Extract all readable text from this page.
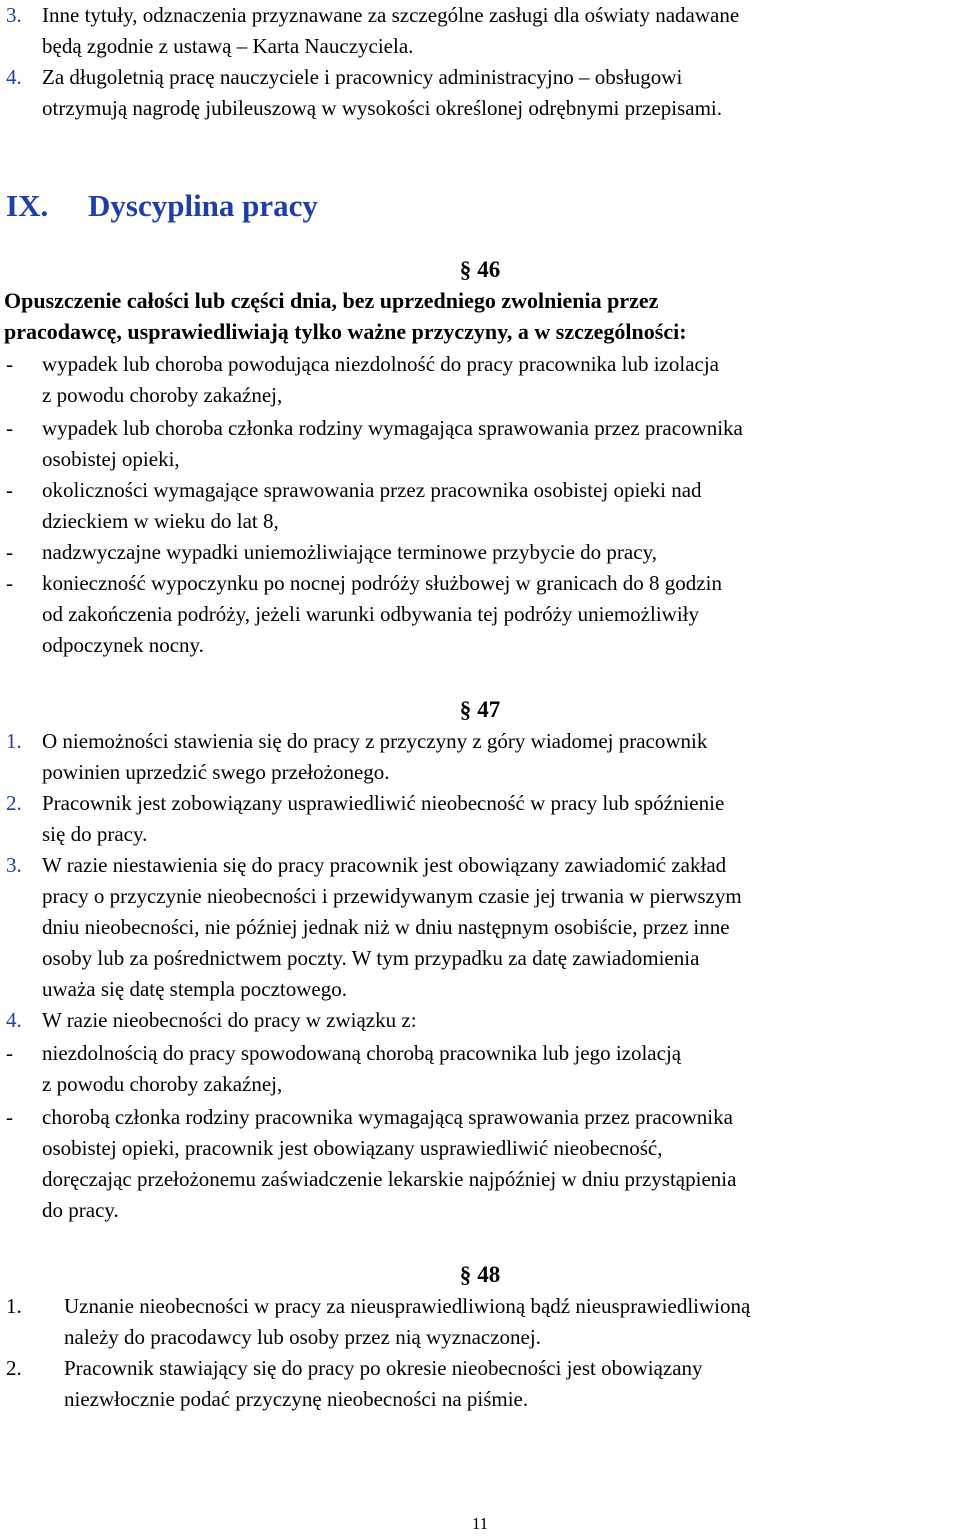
3. Inne tytuły, odznaczenia przyznawane za szczególne zasługi dla oświaty nadawane
będą zgodnie z ustawą – Karta Nauczyciela.
4. Za długoletnią pracę nauczyciele i pracownicy administracyjno – obsługowi
otrzymują nagrodę jubileuszową w wysokości określonej odrębnymi przepisami.
IX. Dyscyplina pracy
§ 46
Opuszczenie całości lub części dnia, bez uprzedniego zwolnienia przez
pracodawcę, usprawiedliwiają tylko ważne przyczyny, a w szczególności:
- wypadek lub choroba powodująca niezdolność do pracy pracownika lub izolacja
z powodu choroby zakaźnej,
- wypadek lub choroba członka rodziny wymagająca sprawowania przez pracownika
osobistej opieki,
- okoliczności wymagające sprawowania przez pracownika osobistej opieki nad
dzieckiem w wieku do lat 8,
- nadzwyczajne wypadki uniemożliwiające terminowe przybycie do pracy,
- konieczność wypoczynku po nocnej podróży służbowej w granicach do 8 godzin
od zakończenia podróży, jeżeli warunki odbywania tej podróży uniemożliwiły
odpoczynek nocny.
§ 47
1. O niemożności stawienia się do pracy z przyczyny z góry wiadomej pracownik
powinien uprzedzić swego przełożonego.
2. Pracownik jest zobowiązany usprawiedliwić nieobecność w pracy lub spóźnienie
się do pracy.
3. W razie niestawienia się do pracy pracownik jest obowiązany zawiadomić zakład
pracy o przyczynie nieobecności i przewidywanym czasie jej trwania w pierwszym
dniu nieobecności, nie później jednak niż w dniu następnym osobiście, przez inne
osoby lub za pośrednictwem poczty. W tym przypadku za datę zawiadomienia
uważa się datę stempla pocztowego.
4. W razie nieobecności do pracy w związku z:
- niezdolnością do pracy spowodowaną chorobą pracownika lub jego izolacją
z powodu choroby zakaźnej,
- chorobą członka rodziny pracownika wymagającą sprawowania przez pracownika
osobistej opieki, pracownik jest obowiązany usprawiedliwić nieobecność,
doręczając przełożonemu zaświadczenie lekarskie najpóźniej w dniu przystąpienia
do pracy.
§ 48
1. Uznanie nieobecności w pracy za nieusprawiedliwioną bądź nieusprawiedliwioną
należy do pracodawcy lub osoby przez nią wyznaczonej.
2. Pracownik stawiający się do pracy po okresie nieobecności jest obowiązany
niezwłocznie podać przyczynę nieobecności na piśmie.
11
